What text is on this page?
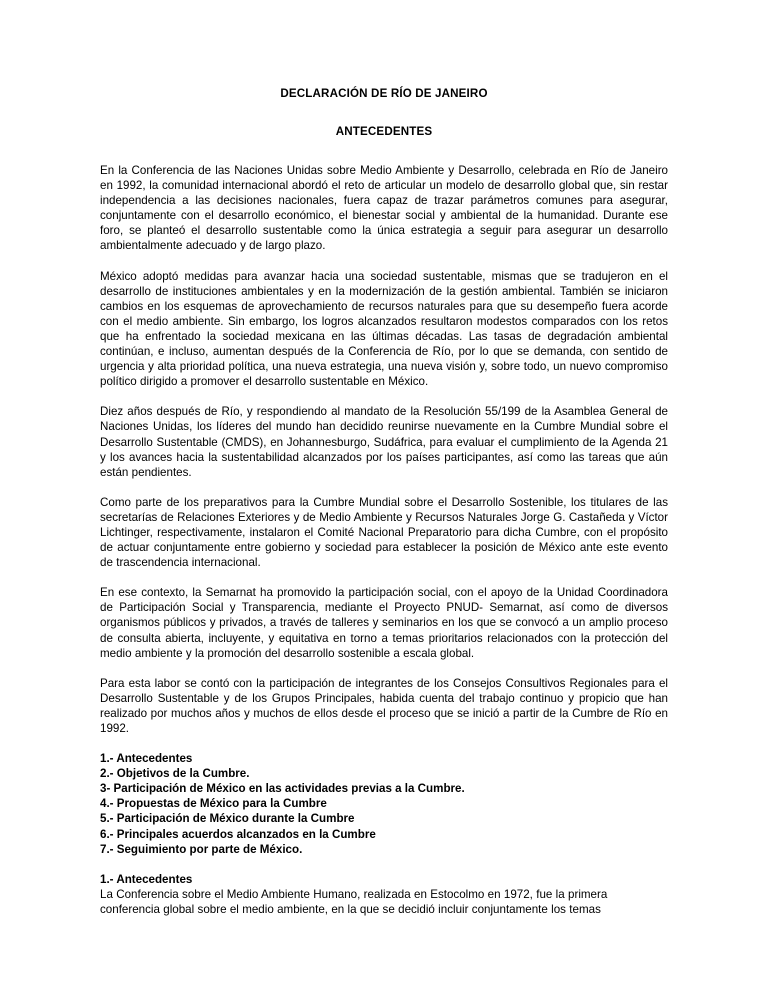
DECLARACIÓN DE RÍO DE JANEIRO
ANTECEDENTES

En la Conferencia de las Naciones Unidas sobre Medio Ambiente y Desarrollo, celebrada en Río de Janeiro en 1992, la comunidad internacional abordó el reto de articular un modelo de desarrollo global que, sin restar independencia a las decisiones nacionales, fuera capaz de trazar parámetros comunes para asegurar, conjuntamente con el desarrollo económico, el bienestar social y ambiental de la humanidad. Durante ese foro, se planteó el desarrollo sustentable como la única estrategia a seguir para asegurar un desarrollo ambientalmente adecuado y de largo plazo.

México adoptó medidas para avanzar hacia una sociedad sustentable, mismas que se tradujeron en el desarrollo de instituciones ambientales y en la modernización de la gestión ambiental. También se iniciaron cambios en los esquemas de aprovechamiento de recursos naturales para que su desempeño fuera acorde con el medio ambiente. Sin embargo, los logros alcanzados resultaron modestos comparados con los retos que ha enfrentado la sociedad mexicana en las últimas décadas. Las tasas de degradación ambiental continúan, e incluso, aumentan después de la Conferencia de Río, por lo que se demanda, con sentido de urgencia y alta prioridad política, una nueva estrategia, una nueva visión y, sobre todo, un nuevo compromiso político dirigido a promover el desarrollo sustentable en México.

Diez años después de Río, y respondiendo al mandato de la Resolución 55/199 de la Asamblea General de Naciones Unidas, los líderes del mundo han decidido reunirse nuevamente en la Cumbre Mundial sobre el Desarrollo Sustentable (CMDS), en Johannesburgo, Sudáfrica, para evaluar el cumplimiento de la Agenda 21 y los avances hacia la sustentabilidad alcanzados por los países participantes, así como las tareas que aún están pendientes.

Como parte de los preparativos para la Cumbre Mundial sobre el Desarrollo Sostenible, los titulares de las secretarías de Relaciones Exteriores y de Medio Ambiente y Recursos Naturales Jorge G. Castañeda y Víctor Lichtinger, respectivamente, instalaron el Comité Nacional Preparatorio para dicha Cumbre, con el propósito de actuar conjuntamente entre gobierno y sociedad para establecer la posición de México ante este evento de trascendencia internacional.

En ese contexto, la Semarnat ha promovido la participación social, con el apoyo de la Unidad Coordinadora de Participación Social y Transparencia, mediante el Proyecto PNUD- Semarnat, así como de diversos organismos públicos y privados, a través de talleres y seminarios en los que se convocó a un amplio proceso de consulta abierta, incluyente, y equitativa en torno a temas prioritarios relacionados con la protección del medio ambiente y la promoción del desarrollo sostenible a escala global.

Para esta labor se contó con la participación de integrantes de los Consejos Consultivos Regionales para el Desarrollo Sustentable y de los Grupos Principales, habida cuenta del trabajo continuo y propicio que han realizado por muchos años y muchos de ellos desde el proceso que se inició a partir de la Cumbre de Río en 1992.

1.- Antecedentes
2.- Objetivos de la Cumbre.
3- Participación de México en las actividades previas a la Cumbre.
4.- Propuestas de México para la Cumbre
5.- Participación de México durante la Cumbre
6.- Principales acuerdos alcanzados en la Cumbre
7.- Seguimiento por parte de México.
1.- Antecedentes

La Conferencia sobre el Medio Ambiente Humano, realizada en Estocolmo en 1972, fue la primera conferencia global sobre el medio ambiente, en la que se decidió incluir conjuntamente los temas
